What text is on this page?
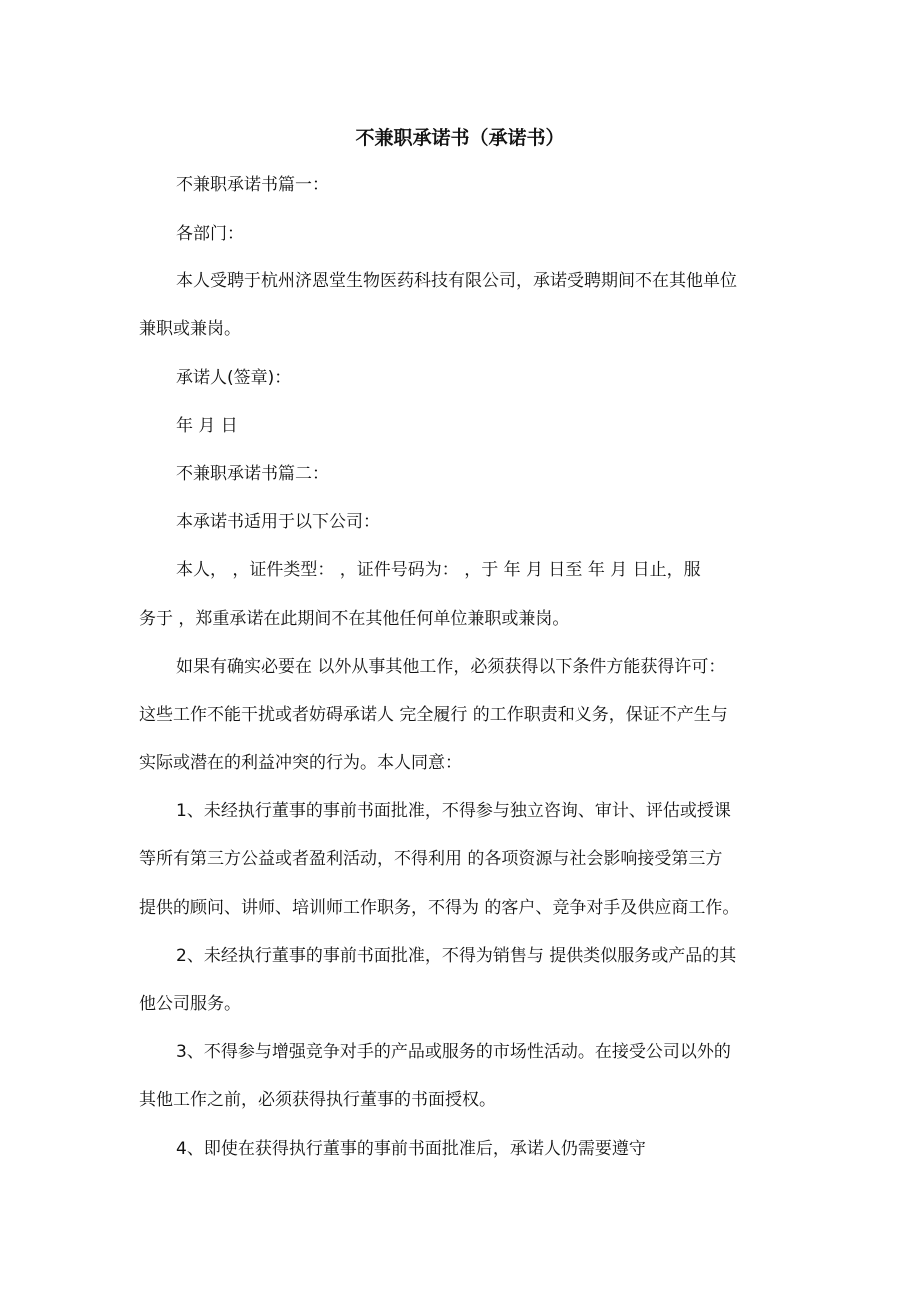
不兼职承诺书（承诺书）
不兼职承诺书篇一：
各部门：
本人受聘于杭州济恩堂生物医药科技有限公司，承诺受聘期间不在其他单位
兼职或兼岗。
承诺人(签章)：
年 月 日
不兼职承诺书篇二：
本承诺书适用于以下公司：
本人， ，证件类型： ，证件号码为： ，于 年 月 日至 年 月 日止，服
务于 ，郑重承诺在此期间不在其他任何单位兼职或兼岗。
如果有确实必要在 以外从事其他工作，必须获得以下条件方能获得许可：
这些工作不能干扰或者妨碍承诺人 完全履行 的工作职责和义务，保证不产生与
实际或潜在的利益冲突的行为。本人同意：
1、未经执行董事的事前书面批准，不得参与独立咨询、审计、评估或授课
等所有第三方公益或者盈利活动，不得利用 的各项资源与社会影响接受第三方
提供的顾问、讲师、培训师工作职务，不得为 的客户、竞争对手及供应商工作。
2、未经执行董事的事前书面批准，不得为销售与 提供类似服务或产品的其
他公司服务。
3、不得参与增强竞争对手的产品或服务的市场性活动。在接受公司以外的
其他工作之前，必须获得执行董事的书面授权。
4、即使在获得执行董事的事前书面批准后，承诺人仍需要遵守
